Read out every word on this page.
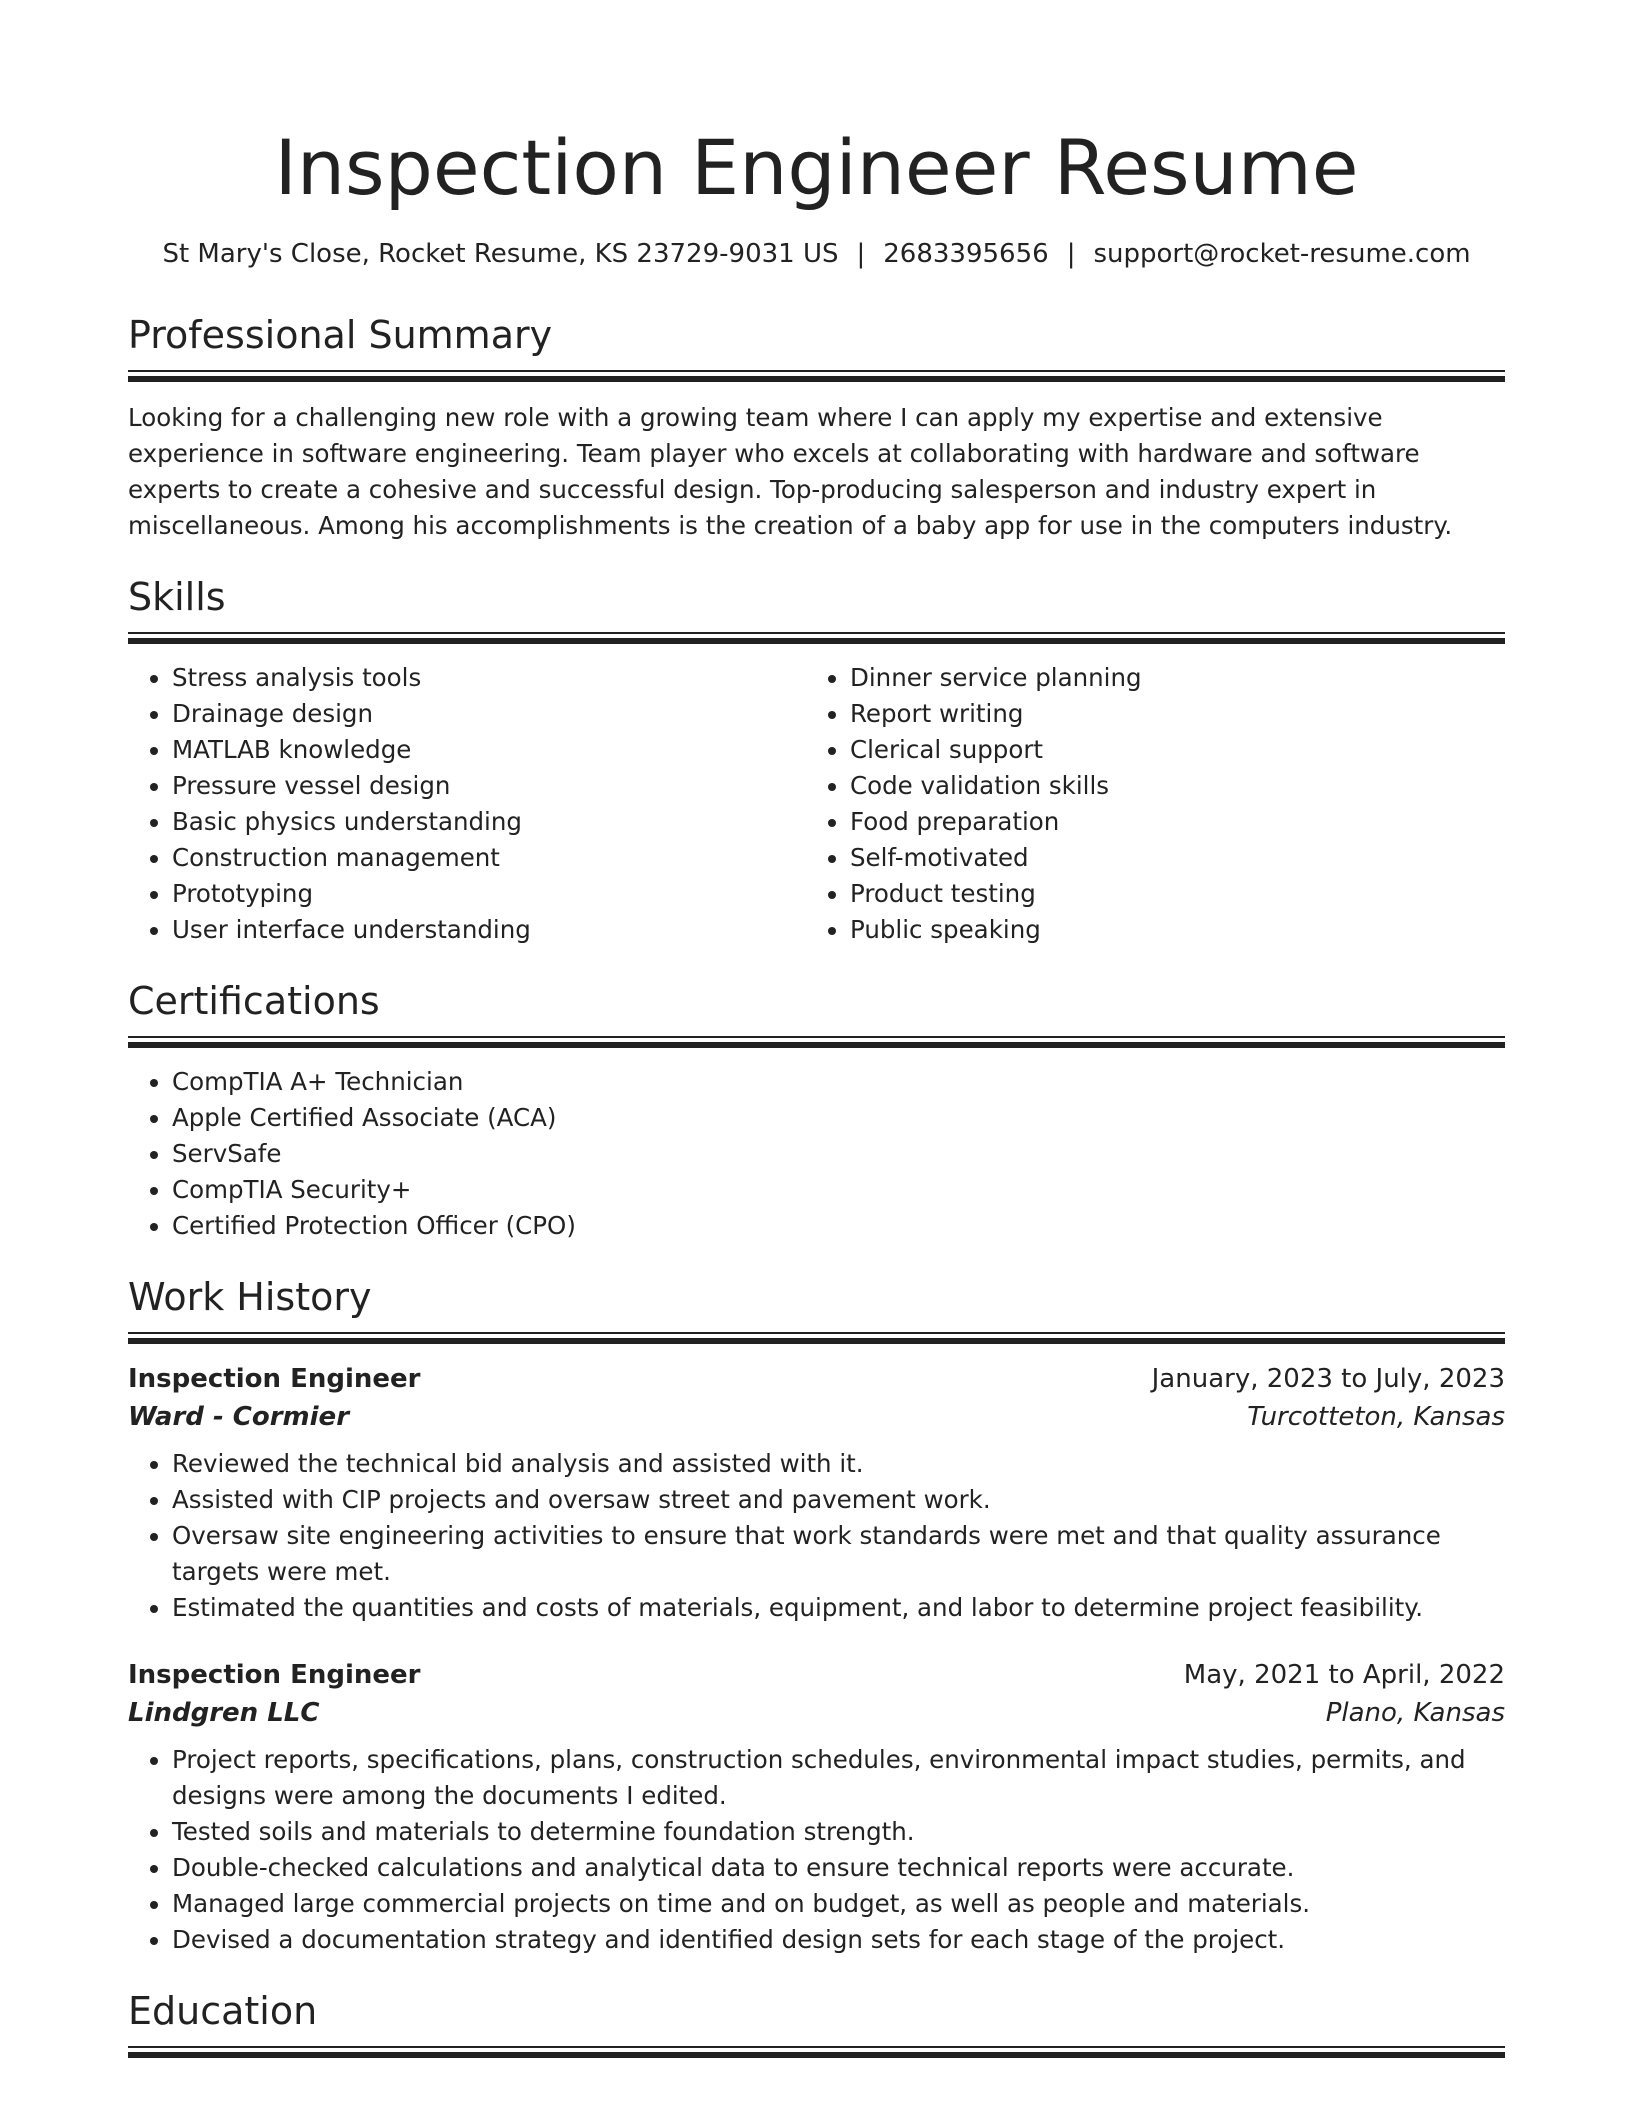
Inspection Engineer Resume
St Mary's Close, Rocket Resume, KS 23729-9031 US | 2683395656 | support@rocket-resume.com
Professional Summary

Looking for a challenging new role with a growing team where I can apply my expertise and extensive experience in software engineering. Team player who excels at collaborating with hardware and software experts to create a cohesive and successful design. Top-producing salesperson and industry expert in miscellaneous. Among his accomplishments is the creation of a baby app for use in the computers industry.

Skills
• Stress analysis tools
• Drainage design
• MATLAB knowledge
• Pressure vessel design
• Basic physics understanding
• Construction management
• Prototyping
• User interface understanding
• Dinner service planning
• Report writing
• Clerical support
• Code validation skills
• Food preparation
• Self-motivated
• Product testing
• Public speaking
Certifications
• CompTIA A+ Technician
• Apple Certified Associate (ACA)
• ServSafe
• CompTIA Security+
• Certified Protection Officer (CPO)
Work History
Inspection Engineer	January, 2023 to July, 2023
Ward - Cormier	Turcotteton, Kansas
• Reviewed the technical bid analysis and assisted with it.
• Assisted with CIP projects and oversaw street and pavement work.
• Oversaw site engineering activities to ensure that work standards were met and that quality assurance targets were met.
• Estimated the quantities and costs of materials, equipment, and labor to determine project feasibility.
Inspection Engineer	May, 2021 to April, 2022
Lindgren LLC	Plano, Kansas
• Project reports, specifications, plans, construction schedules, environmental impact studies, permits, and designs were among the documents I edited.
• Tested soils and materials to determine foundation strength.
• Double-checked calculations and analytical data to ensure technical reports were accurate.
• Managed large commercial projects on time and on budget, as well as people and materials.
• Devised a documentation strategy and identified design sets for each stage of the project.
Education
